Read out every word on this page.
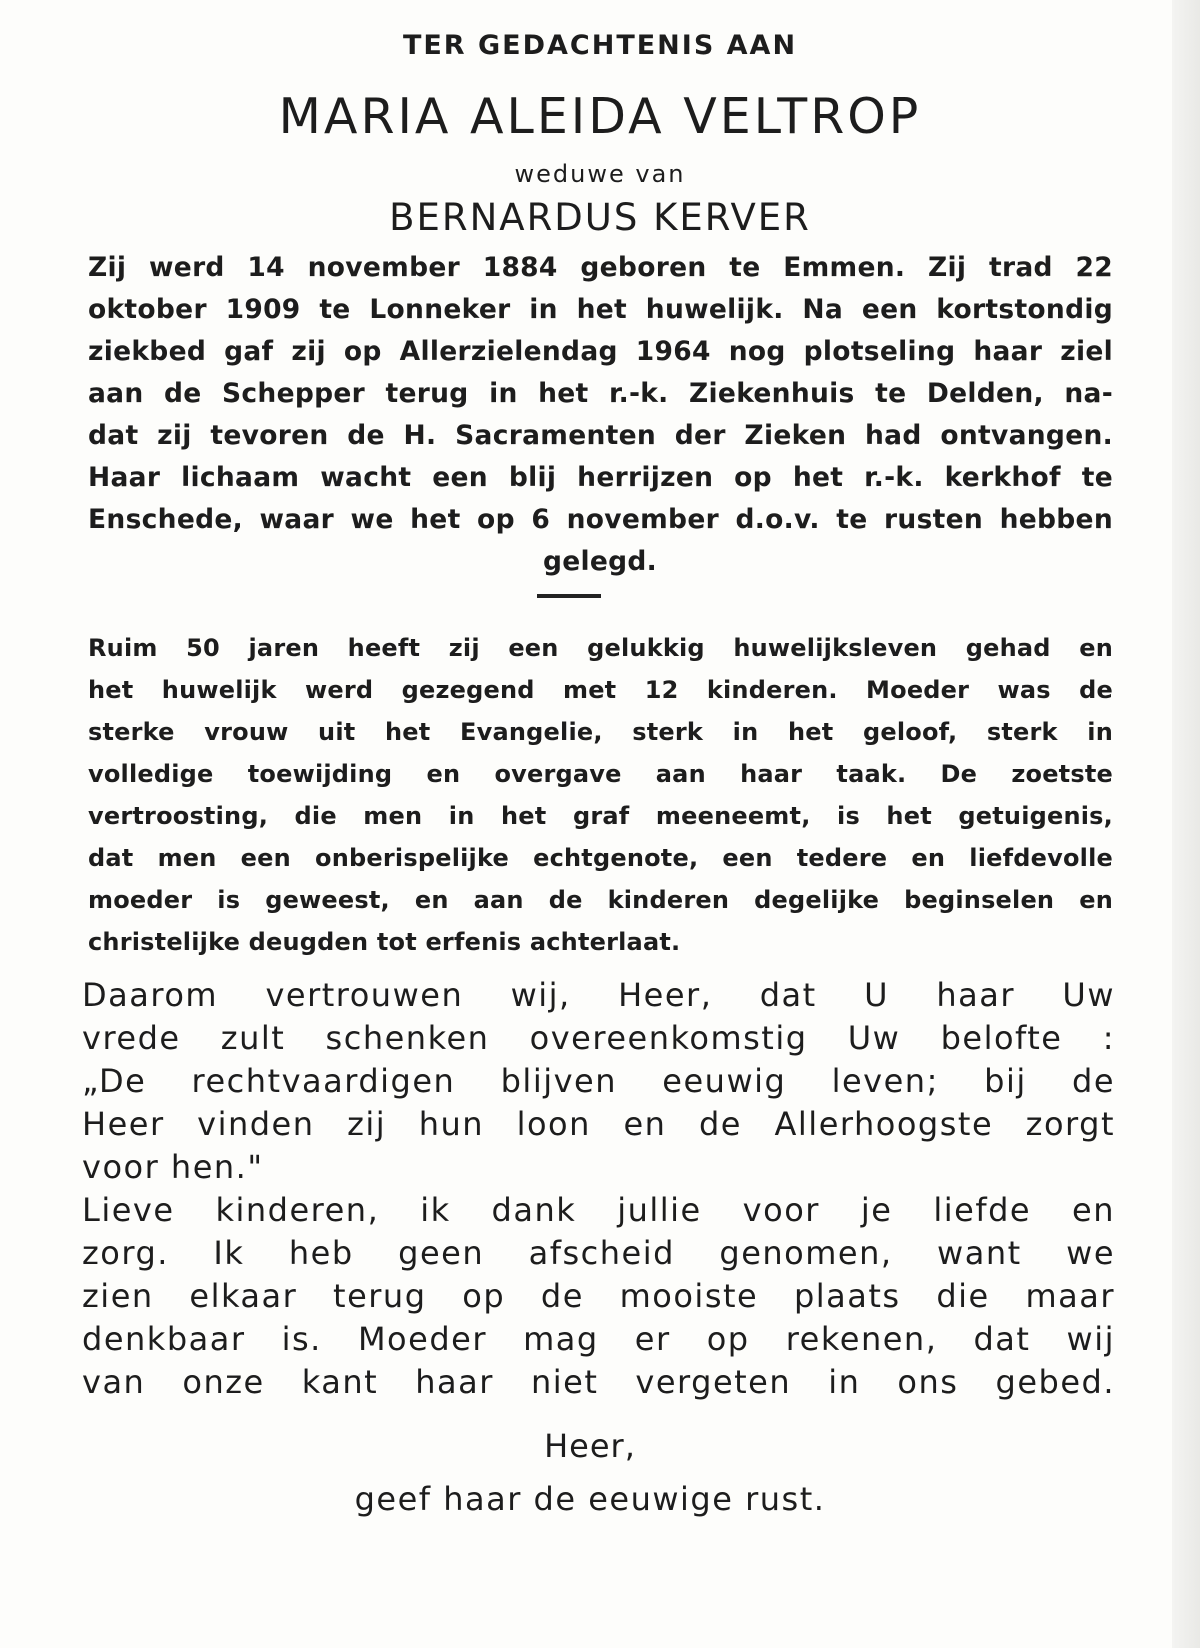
TER GEDACHTENIS AAN
MARIA ALEIDA VELTROP
weduwe van
BERNARDUS KERVER
Zij werd 14 november 1884 geboren te Emmen. Zij trad 22
oktober 1909 te Lonneker in het huwelijk. Na een kortstondig
ziekbed gaf zij op Allerzielendag 1964 nog plotseling haar ziel
aan de Schepper terug in het r.-k. Ziekenhuis te Delden, na-
dat zij tevoren de H. Sacramenten der Zieken had ontvangen.
Haar lichaam wacht een blij herrijzen op het r.-k. kerkhof te
Enschede, waar we het op 6 november d.o.v. te rusten hebben
gelegd.
Ruim 50 jaren heeft zij een gelukkig huwelijksleven gehad en
het huwelijk werd gezegend met 12 kinderen. Moeder was de
sterke vrouw uit het Evangelie, sterk in het geloof, sterk in
volledige toewijding en overgave aan haar taak. De zoetste
vertroosting, die men in het graf meeneemt, is het getuigenis,
dat men een onberispelijke echtgenote, een tedere en liefdevolle
moeder is geweest, en aan de kinderen degelijke beginselen en
christelijke deugden tot erfenis achterlaat.
Daarom vertrouwen wij, Heer, dat U haar Uw
vrede zult schenken overeenkomstig Uw belofte :
„De rechtvaardigen blijven eeuwig leven; bij de
Heer vinden zij hun loon en de Allerhoogste zorgt
voor hen."
Lieve kinderen, ik dank jullie voor je liefde en
zorg. Ik heb geen afscheid genomen, want we
zien elkaar terug op de mooiste plaats die maar
denkbaar is. Moeder mag er op rekenen, dat wij
van onze kant haar niet vergeten in ons gebed.
Heer,
geef haar de eeuwige rust.
